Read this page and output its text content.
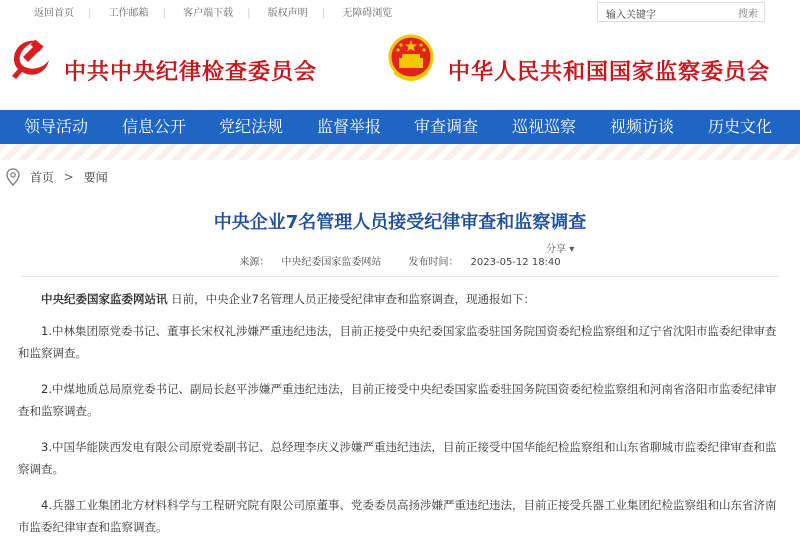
返回首页 | 工作邮箱 | 客户端下载 | 版权声明 | 无障碍浏览
输入关键字	搜索
中共中央纪律检查委员会	中华人民共和国国家监察委员会
领导活动 信息公开 党纪法规 监督举报 审查调查 巡视巡察 视频访谈 历史文化
首页 > 要闻
中央企业7名管理人员接受纪律审查和监察调查
分享 ▾
来源： 中央纪委国家监委网站	发布时间： 2023-05-12 18:40

中央纪委国家监委网站讯 日前，中央企业7名管理人员正接受纪律审查和监察调查，现通报如下：

1.中林集团原党委书记、董事长宋权礼涉嫌严重违纪违法，目前正接受中央纪委国家监委驻国务院国资委纪检监察组和辽宁省沈阳市监委纪律审查和监察调查。

2.中煤地质总局原党委书记、副局长赵平涉嫌严重违纪违法，目前正接受中央纪委国家监委驻国务院国资委纪检监察组和河南省洛阳市监委纪律审查和监察调查。

3.中国华能陕西发电有限公司原党委副书记、总经理李庆义涉嫌严重违纪违法，目前正接受中国华能纪检监察组和山东省聊城市监委纪律审查和监察调查。

4.兵器工业集团北方材料科学与工程研究院有限公司原董事、党委委员高扬涉嫌严重违纪违法，目前正接受兵器工业集团纪检监察组和山东省济南市监委纪律审查和监察调查。
